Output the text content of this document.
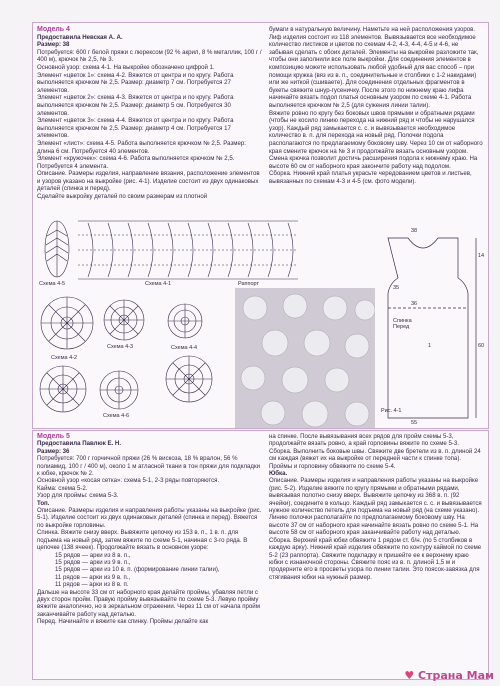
Модель 4

Предоставила Невская А. А.

Размер: 38

Потребуется: 600 г белой пряжи с люрексом (92 % акрил, 8 % металлик, 100 г / 400 м), крючок № 2,5, № 3.

Основной узор: схема 4-1. На выкройке обозначено цифрой 1.

Элемент «цветок 1»: схема 4-2. Вяжется от центра и по кругу. Работа выполняется крючком № 2,5. Размер: диаметр 7 см. Потребуется 27 элементов.

Элемент «цветок 2»: схема 4-3. Вяжется от центра и по кругу. Работа выполняется крючком № 2,5. Размер: диаметр 5 см. Потребуется 30 элементов.

Элемент «цветок 3»: схема 4-4. Вяжется от центра и по кругу. Работа выполняется крючком № 2,5. Размер: диаметр 4 см. Потребуется 17 элементов.

Элемент «лист»: схема 4-5. Работа выполняется крючком № 2,5. Размер: длина 6 см. Потребуется 40 элементов.

Элемент «кружочек»: схема 4-6. Работа выполняется крючком № 2,5. Потребуется 4 элемента.

Описание. Размеры изделия, направление вязания, расположение элементов и узоров указано на выкройке (рис. 4-1). Изделие состоит из двух одинаковых деталей (спинка и перед).

Сделайте выкройку деталей по своим размерам из плотной

бумаги в натуральную величину. Наметьте на ней расположения узоров. Лиф изделия состоит из 118 элементов. Вывязывается все необходимое количество листиков и цветов по схемам 4-2, 4-3, 4-4, 4-5 и 4-6, не забывая сделать с обоих деталей. Элементы на выкройке разложите так, чтобы они заполнили все поле выкройки. Для соединения элементов в композицию можете использовать любой удобный для вас способ – при помощи кружка (вяз из в. п., соединительные и столбики с 1-2 накидами) или же ниткой (сшиваете). Для соединения отдельных фрагментов в букеты свяжите шнур-гусеничку. После этого по нижнему краю лифа начинайте вязать подол платья основным узором по схеме 4-1. Работа выполняется крючком № 2,5 (для сужения линии талии).

Вяжите ровно по кругу без боковых швов прямыми и обратными рядами (чтобы не косило линию перехода на нижний ряд и чтобы не нарушался узор). Каждый ряд замыкается с. с. и вывязывается необходимое количество в. п. для перехода на новый ряд. Полочки подола располагаются по предлагаемому боковому шву. Через 10 см от наборного края смените крючок на № 3 и продолжайте вязать основным узором. Смена крючка позволит достичь расширения подола к нижнему краю. На высоте 60 см от наборного края закончите работу над подолом.

Сборка. Нижний край платья украсьте чередованием цветов и листьев, вывязанных по схемам 4-3 и 4-5 (см. фото модели).

Схема 4-5	Схема 4-1	Раппорт
Схема 4-2
Схема 4-3	Схема 4-4
Схема 4-6
38
36
14
1	60
35
55
Спинка Перед
Рис. 4-1

Модель 5

Предоставила Павлюк Е. Н.

Размер: 36

Потребуется: 700 г горчичной пряжи (26 % вискоза, 18 % вралон, 56 % полиамид, 100 г / 400 м), около 1 м атласной ткани в тон пряжи для подкладки к юбке, крючок № 2.

Основной узор «косая сетка»: схема 5-1, 2-3 ряды повторяются.

Кайма: схема 5-2.

Узор для проймы: схема 5-3.

Топ.

Описание. Размеры изделия и направления работы указаны на выкройке (рис. 5-1). Изделие состоит из двух одинаковых деталей (спинка и перед). Вяжется по выкройке горловины.

Спинка. Вяжите снизу вверх. Вывяжите цепочку из 153 в. п., 1 в. п. для подъема на новый ряд, затем вяжите по схеме 5-1, начиная с 3-го ряда. В цепочке (138 ячеек). Продолжайте вязать в основном узоре:

15 рядов — арки из 8 в. п.,
15 рядов — арки из 9 в. п.,
15 рядов — арки из 10 в. п. (формирование линии талии),
11 рядов — арки из 9 в. п.,
11 рядов — арки из 8 в. п.

Дальше на высоте 33 см от наборного края делайте проймы, убавляя петли с двух сторон пройм. Правую пройму вывязывайте по схеме 5-3. Левую пройму вяжите аналогично, но в зеркальном отражении. Через 11 см от начала пройм заканчивайте работу над деталью.

Перед. Начинайте и вяжите как спинку. Проймы делайте как

на спинке. После вывязывания всех рядов для пройм схемы 5-3, продолжайте вязать ровно, а край горловины вяжите по схеме 5-3.

Сборка. Выполнить боковые швы. Свяжите две бретели из в. п. длиной 24 см каждая (вяжет их на выкройке от передней части к спинке топа). Проймы и горловину обвяжите по схеме 5-4.

Юбка.

Описание. Размеры изделия и направления работы указаны на выкройке (рис. 5-2). Изделие вяжите по кругу прямыми и обратными рядами, вывязывая полотно снизу вверх. Вывяжите цепочку из 368 в. п. (92 ячейки), соедините в кольцо. Каждый ряд замыкается с. с. и вывязывается нужное количество петель для подъема на новый ряд (на схеме указано). Линию полочки располагайте по предполагаемому боковому шву. На высоте 37 см от наборного края начинайте вязать ровно по схеме 5-1. На высоте 58 см от наборного края заканчивайте работу над деталью.

Сборка. Верхний край юбки обвяжите 1 рядом ст. б/н. (по 5 столбиков в каждую арку). Нижний край изделия обвяжите по контуру каймой по схеме 5-2 (23 раппорта). Свяжите подкладку и пришейте ее к верхнему краю юбки с изнаночной стороны. Свяжите пояс из в. п. длиной 1,5 м и продерните его в просветы узора по линии талии. Это поясок-завязка для стягивания юбки на нужный размер.

♥ Страна Мам
